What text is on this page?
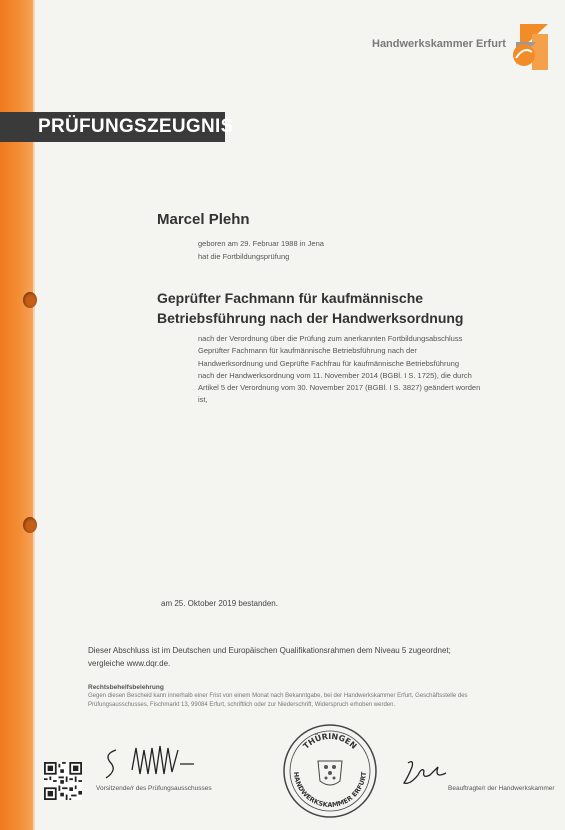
Handwerkskammer Erfurt
PRÜFUNGSZEUGNIS
Marcel Plehn
geboren am 29. Februar 1988 in Jena
hat die Fortbildungsprüfung
Geprüfter Fachmann für kaufmännische
Betriebsführung nach der Handwerksordnung
nach der Verordnung über die Prüfung zum anerkannten Fortbildungsabschluss
Geprüfter Fachmann für kaufmännische Betriebsführung nach der
Handwerksordnung und Geprüfte Fachfrau für kaufmännische Betriebsführung
nach der Handwerksordnung vom 11. November 2014 (BGBl. I S. 1725), die durch
Artikel 5 der Verordnung vom 30. November 2017 (BGBl. I S. 3827) geändert worden
ist,
am 25. Oktober 2019 bestanden.
Dieser Abschluss ist im Deutschen und Europäischen Qualifikationsrahmen dem Niveau 5 zugeordnet;
vergleiche www.dqr.de.
Rechtsbehelfsbelehrung
Gegen diesen Bescheid kann innerhalb einer Frist von einem Monat nach Bekanntgabe, bei der Handwerkskammer Erfurt, Geschäftsstelle des
Prüfungsausschusses, Fischmarkt 13, 99084 Erfurt, schriftlich oder zur Niederschrift, Widerspruch erhoben werden.
Vorsitzende/r des Prüfungsausschusses
THÜRINGEN
HANDWERKSKAMMER ERFURT
Beauftragte/r der Handwerkskammer
